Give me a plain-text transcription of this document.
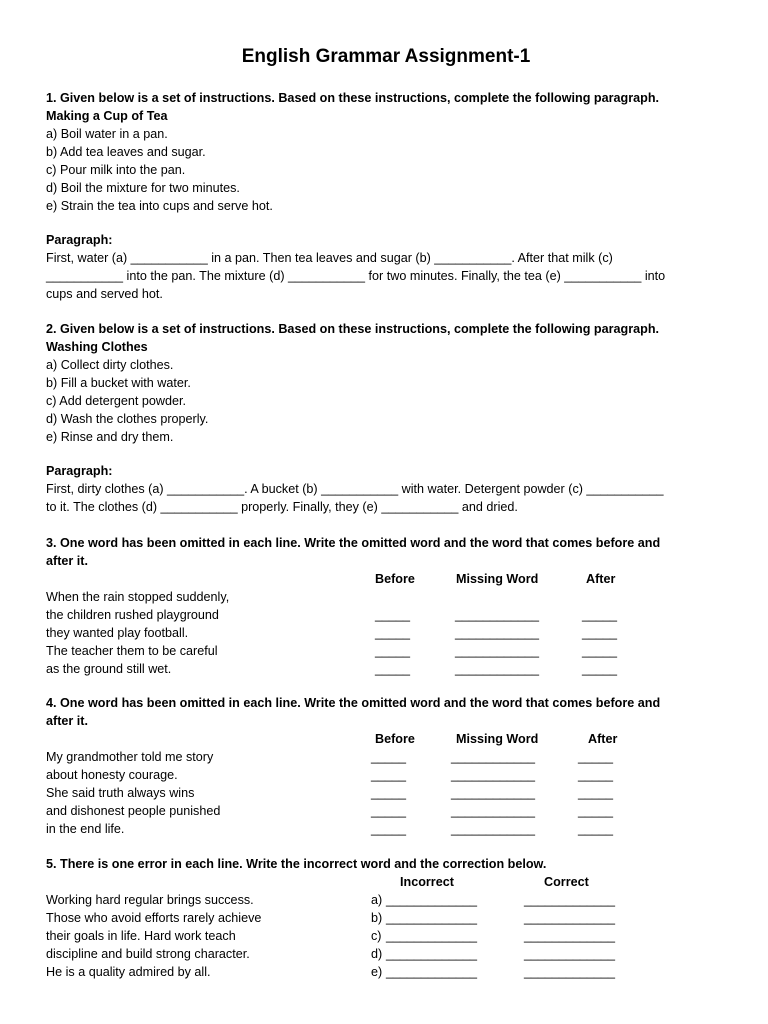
English Grammar Assignment-1
1. Given below is a set of instructions. Based on these instructions, complete the following paragraph.
Making a Cup of Tea
a) Boil water in a pan.
b) Add tea leaves and sugar.
c) Pour milk into the pan.
d) Boil the mixture for two minutes.
e) Strain the tea into cups and serve hot.
Paragraph:
First, water (a) ___________ in a pan. Then tea leaves and sugar (b) ___________. After that milk (c)
___________ into the pan. The mixture (d) ___________ for two minutes. Finally, the tea (e) ___________ into
cups and served hot.
2. Given below is a set of instructions. Based on these instructions, complete the following paragraph.
Washing Clothes
a) Collect dirty clothes.
b) Fill a bucket with water.
c) Add detergent powder.
d) Wash the clothes properly.
e) Rinse and dry them.
Paragraph:
First, dirty clothes (a) ___________. A bucket (b) ___________ with water. Detergent powder (c) ___________
to it. The clothes (d) ___________ properly. Finally, they (e) ___________ and dried.
3. One word has been omitted in each line. Write the omitted word and the word that comes before and
after it.
Before	Missing Word	After
When the rain stopped suddenly,
the children rushed playground	_____	____________	_____
they wanted play football.	_____	____________	_____
The teacher them to be careful	_____	____________	_____
as the ground still wet.	_____	____________	_____
4. One word has been omitted in each line. Write the omitted word and the word that comes before and
after it.
Before	Missing Word	After
My grandmother told me story	_____	____________	_____
about honesty courage.	_____	____________	_____
She said truth always wins	_____	____________	_____
and dishonest people punished	_____	____________	_____
in the end life.	_____	____________	_____
5. There is one error in each line. Write the incorrect word and the correction below.
Incorrect	Correct
Working hard regular brings success.	a) _____________	_____________
Those who avoid efforts rarely achieve	b) _____________	_____________
their goals in life. Hard work teach	c) _____________	_____________
discipline and build strong character.	d) _____________	_____________
He is a quality admired by all.	e) _____________	_____________
